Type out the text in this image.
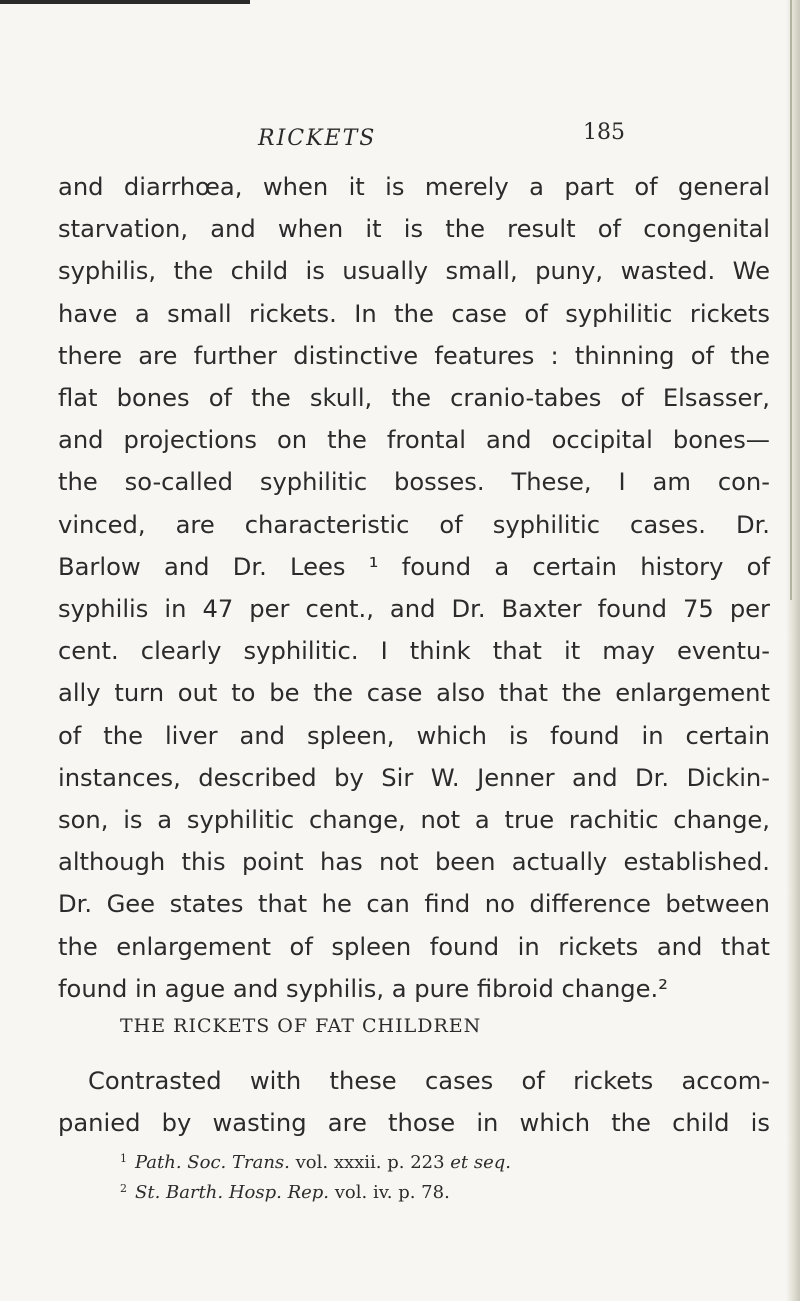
RICKETS	185
and diarrhœa, when it is merely a part of general
starvation, and when it is the result of congenital
syphilis, the child is usually small, puny, wasted. We
have a small rickets. In the case of syphilitic rickets
there are further distinctive features : thinning of the
flat bones of the skull, the cranio-tabes of Elsasser,
and projections on the frontal and occipital bones—
the so-called syphilitic bosses. These, I am con-
vinced, are characteristic of syphilitic cases. Dr.
Barlow and Dr. Lees ¹ found a certain history of
syphilis in 47 per cent., and Dr. Baxter found 75 per
cent. clearly syphilitic. I think that it may eventu-
ally turn out to be the case also that the enlargement
of the liver and spleen, which is found in certain
instances, described by Sir W. Jenner and Dr. Dickin-
son, is a syphilitic change, not a true rachitic change,
although this point has not been actually established.
Dr. Gee states that he can find no difference between
the enlargement of spleen found in rickets and that
found in ague and syphilis, a pure fibroid change.²
THE RICKETS OF FAT CHILDREN
Contrasted with these cases of rickets accom-
panied by wasting are those in which the child is
$^1$ Path. Soc. Trans. vol. xxxii. p. 223 et seq.
$^2$ St. Barth. Hosp. Rep. vol. iv. p. 78.
